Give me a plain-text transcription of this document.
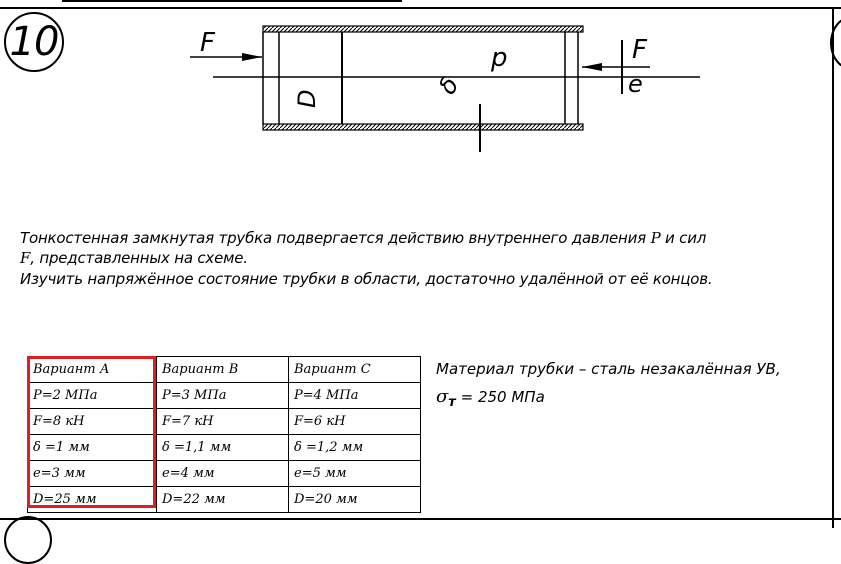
10	F	F
p
e
D	δ
Тонкостенная замкнутая трубка подвергается действию внутреннего давления P и сил
F, представленных на схеме.
Изучить напряжённое состояние трубки в области, достаточно удалённой от её концов.
Вариант А	Вариант В	Вариант С
P=2 МПа	P=3 МПа	P=4 МПа
F=8 кН	F=7 кН	F=6 кН
δ =1 мм	δ =1,1 мм	δ =1,2 мм
e=3 мм	e=4 мм	e=5 мм
D=25 мм	D=22 мм	D=20 мм
Материал трубки – сталь незакалённая УВ,
$\sigma_т = 250$ МПа
